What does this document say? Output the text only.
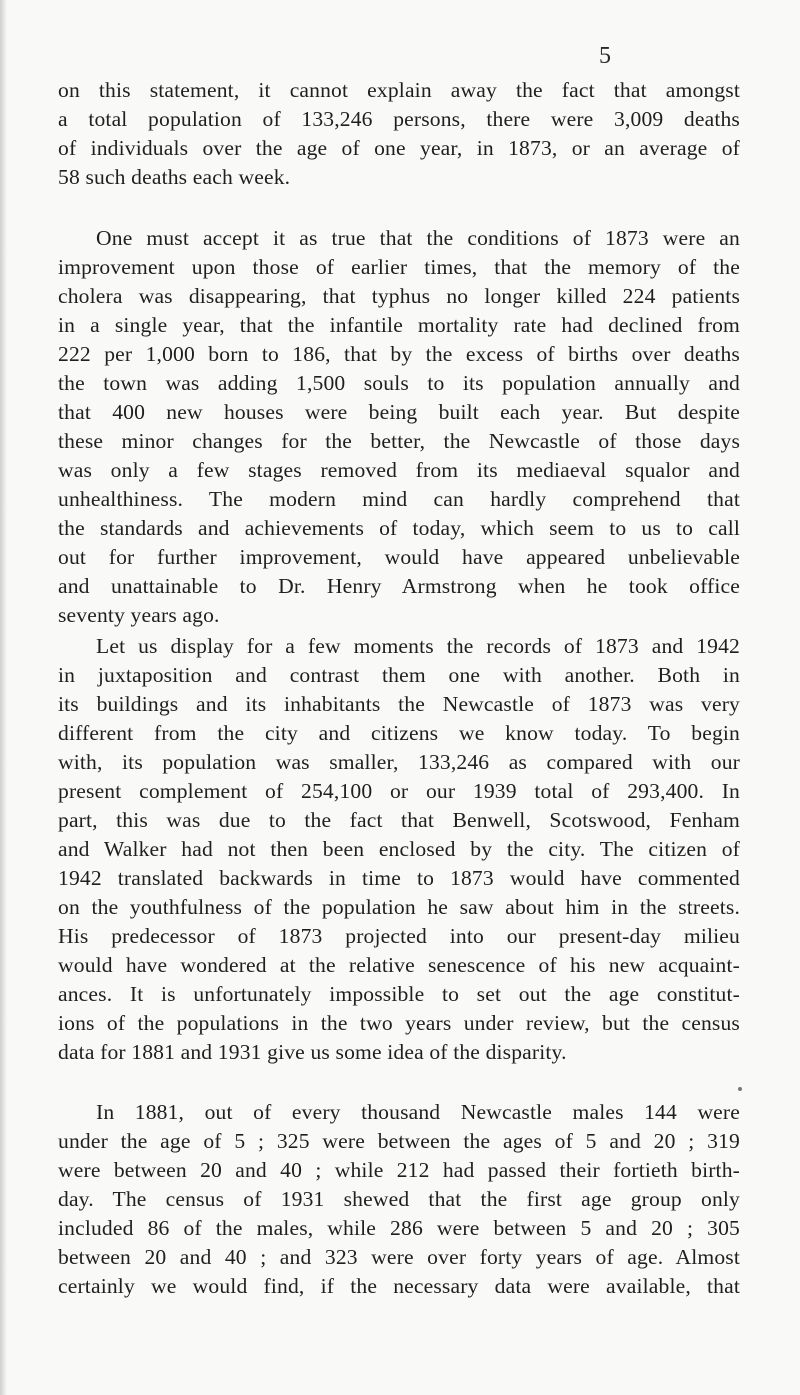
5
on this statement, it cannot explain away the fact that amongst
a total population of 133,246 persons, there were 3,009 deaths
of individuals over the age of one year, in 1873, or an average of
58 such deaths each week.
One must accept it as true that the conditions of 1873 were an
improvement upon those of earlier times, that the memory of the
cholera was disappearing, that typhus no longer killed 224 patients
in a single year, that the infantile mortality rate had declined from
222 per 1,000 born to 186, that by the excess of births over deaths
the town was adding 1,500 souls to its population annually and
that 400 new houses were being built each year. But despite
these minor changes for the better, the Newcastle of those days
was only a few stages removed from its mediaeval squalor and
unhealthiness. The modern mind can hardly comprehend that
the standards and achievements of today, which seem to us to call
out for further improvement, would have appeared unbelievable
and unattainable to Dr. Henry Armstrong when he took office
seventy years ago.
Let us display for a few moments the records of 1873 and 1942
in juxtaposition and contrast them one with another. Both in
its buildings and its inhabitants the Newcastle of 1873 was very
different from the city and citizens we know today. To begin
with, its population was smaller, 133,246 as compared with our
present complement of 254,100 or our 1939 total of 293,400. In
part, this was due to the fact that Benwell, Scotswood, Fenham
and Walker had not then been enclosed by the city. The citizen of
1942 translated backwards in time to 1873 would have commented
on the youthfulness of the population he saw about him in the streets.
His predecessor of 1873 projected into our present-day milieu
would have wondered at the relative senescence of his new acquaint-
ances. It is unfortunately impossible to set out the age constitut-
ions of the populations in the two years under review, but the census
data for 1881 and 1931 give us some idea of the disparity.
In 1881, out of every thousand Newcastle males 144 were
under the age of 5 ; 325 were between the ages of 5 and 20 ; 319
were between 20 and 40 ; while 212 had passed their fortieth birth-
day. The census of 1931 shewed that the first age group only
included 86 of the males, while 286 were between 5 and 20 ; 305
between 20 and 40 ; and 323 were over forty years of age. Almost
certainly we would find, if the necessary data were available, that
